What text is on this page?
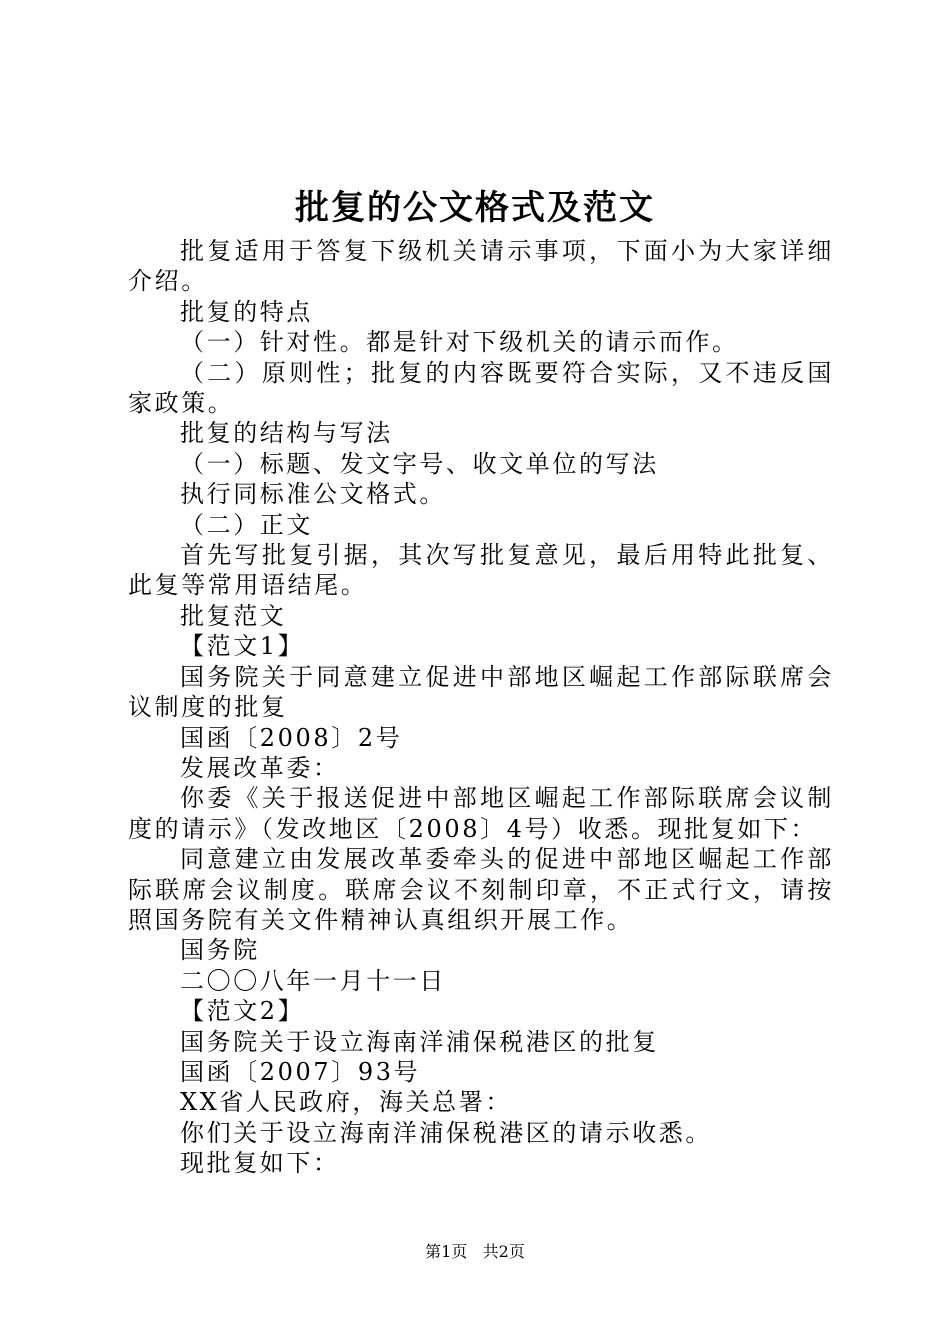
批复的公文格式及范文

批复适用于答复下级机关请示事项，下面小为大家详细介绍。

批复的特点

（一）针对性。都是针对下级机关的请示而作。

（二）原则性；批复的内容既要符合实际，又不违反国家政策。

批复的结构与写法

（一）标题、发文字号、收文单位的写法

执行同标准公文格式。

（二）正文

首先写批复引据，其次写批复意见，最后用特此批复、此复等常用语结尾。

批复范文

【范文1】

国务院关于同意建立促进中部地区崛起工作部际联席会议制度的批复

国函〔2008〕2号

发展改革委：

你委《关于报送促进中部地区崛起工作部际联席会议制度的请示》（发改地区〔2008〕4号）收悉。现批复如下：

同意建立由发展改革委牵头的促进中部地区崛起工作部际联席会议制度。联席会议不刻制印章，不正式行文，请按照国务院有关文件精神认真组织开展工作。

国务院

二〇〇八年一月十一日

【范文2】

国务院关于设立海南洋浦保税港区的批复

国函〔2007〕93号

XX省人民政府，海关总署：

你们关于设立海南洋浦保税港区的请示收悉。

现批复如下：

第1页 共2页
